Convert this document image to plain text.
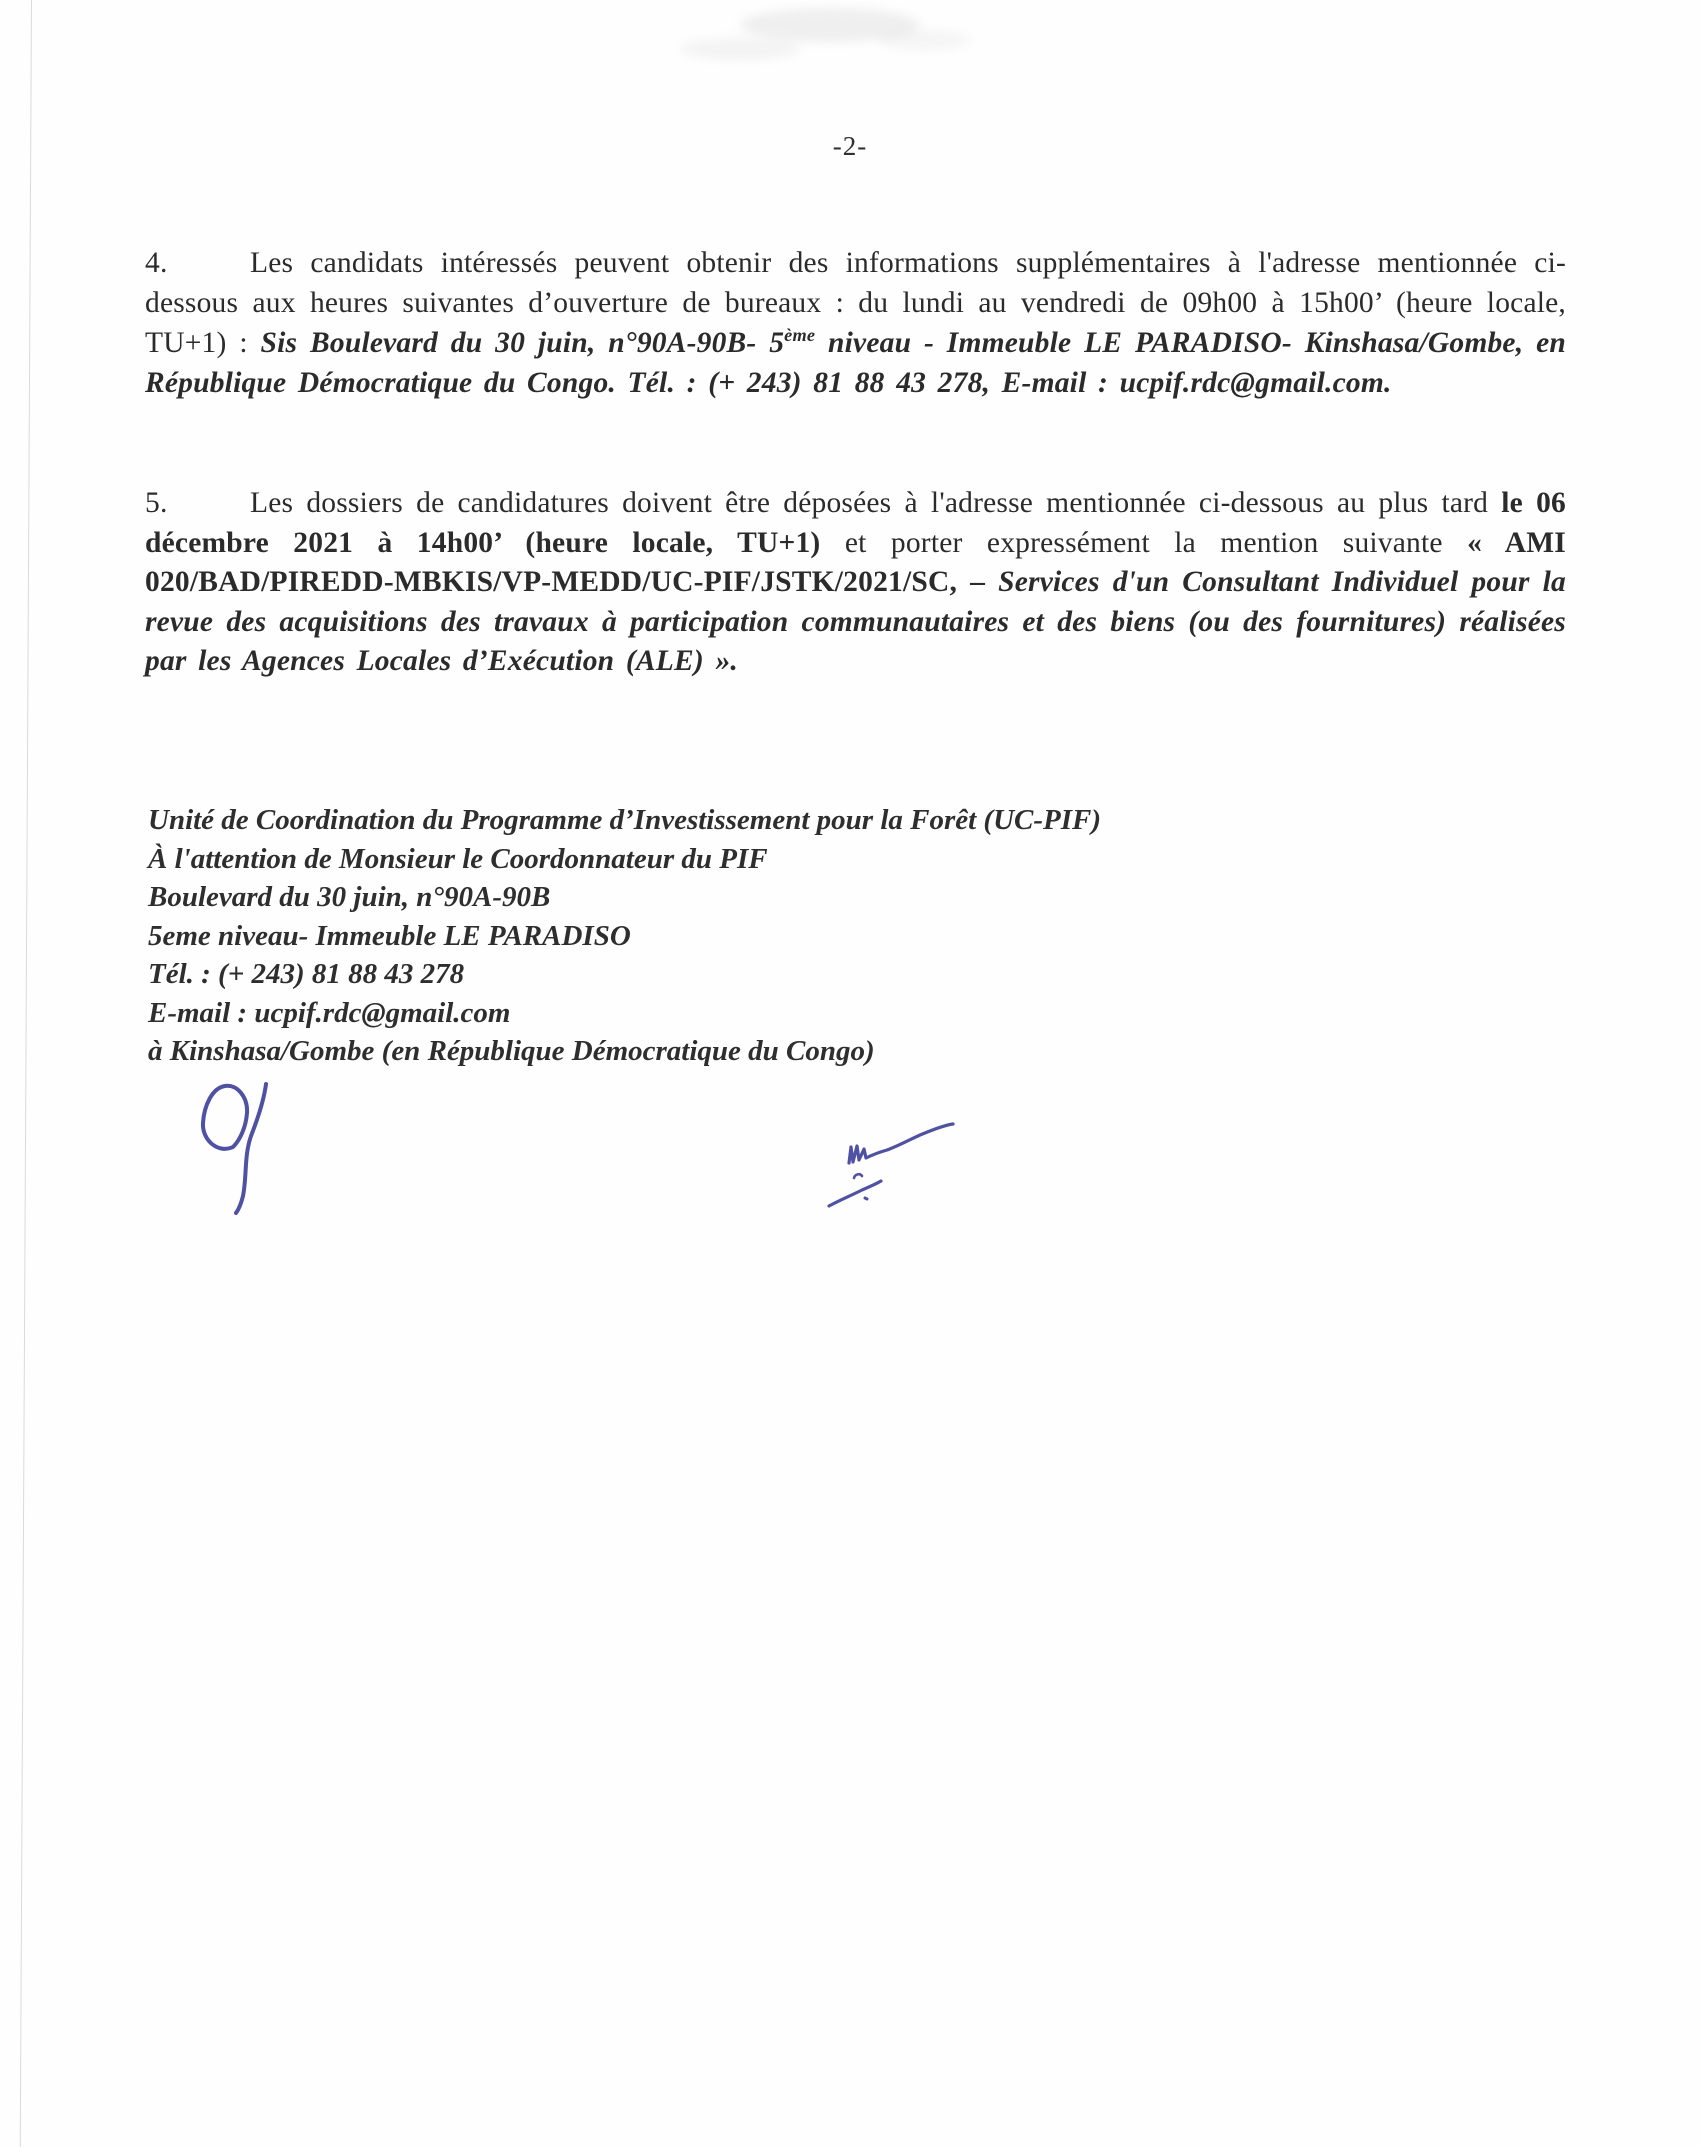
-2-
4.	Les candidats intéressés peuvent obtenir des informations supplémentaires à l'adresse mentionnée ci-dessous aux heures suivantes d’ouverture de bureaux : du lundi au vendredi de 09h00 à 15h00’ (heure locale, TU+1) : Sis Boulevard du 30 juin, n°90A-90B- 5ème niveau - Immeuble LE PARADISO- Kinshasa/Gombe, en République Démocratique du Congo. Tél. : (+ 243) 81 88 43 278, E-mail : ucpif.rdc@gmail.com.
5.	Les dossiers de candidatures doivent être déposées à l'adresse mentionnée ci-dessous au plus tard le 06 décembre 2021 à 14h00’ (heure locale, TU+1) et porter expressément la mention suivante « AMI 020/BAD/PIREDD-MBKIS/VP-MEDD/UC-PIF/JSTK/2021/SC, – Services d'un Consultant Individuel pour la revue des acquisitions des travaux à participation communautaires et des biens (ou des fournitures) réalisées par les Agences Locales d’Exécution (ALE) ».
Unité de Coordination du Programme d’Investissement pour la Forêt (UC-PIF)
À l'attention de Monsieur le Coordonnateur du PIF
Boulevard du 30 juin, n°90A-90B
5eme niveau- Immeuble LE PARADISO
Tél. : (+ 243) 81 88 43 278
E-mail : ucpif.rdc@gmail.com
à Kinshasa/Gombe (en République Démocratique du Congo)
